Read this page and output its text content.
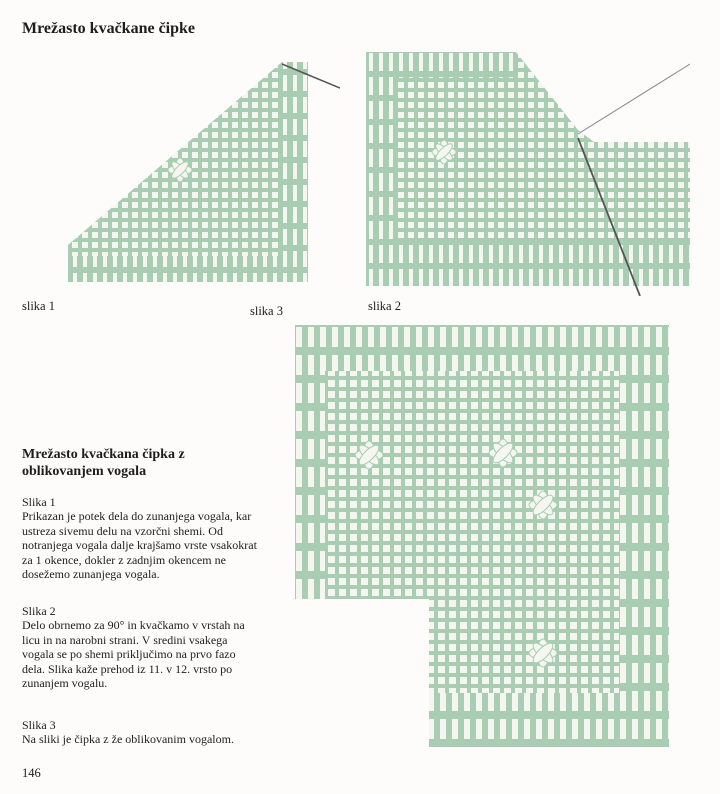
Mrežasto kvačkane čipke
slika 1	slika 3	slika 2
Mrežasto kvačkana čipka z oblikovanjem vogala
Slika 1
Prikazan je potek dela do zunanjega vogala, kar ustreza sivemu delu na vzorčni shemi. Od notranjega vogala dalje krajšamo vrste vsakokrat za 1 okence, dokler z zadnjim okencem ne dosežemo zunanjega vogala.
Slika 2
Delo obrnemo za 90° in kvačkamo v vrstah na licu in na narobni strani. V sredini vsakega vogala se po shemi priključimo na prvo fazo dela. Slika kaže prehod iz 11. v 12. vrsto po zunanjem vogalu.
Slika 3
Na sliki je čipka z že oblikovanim vogalom.
146
